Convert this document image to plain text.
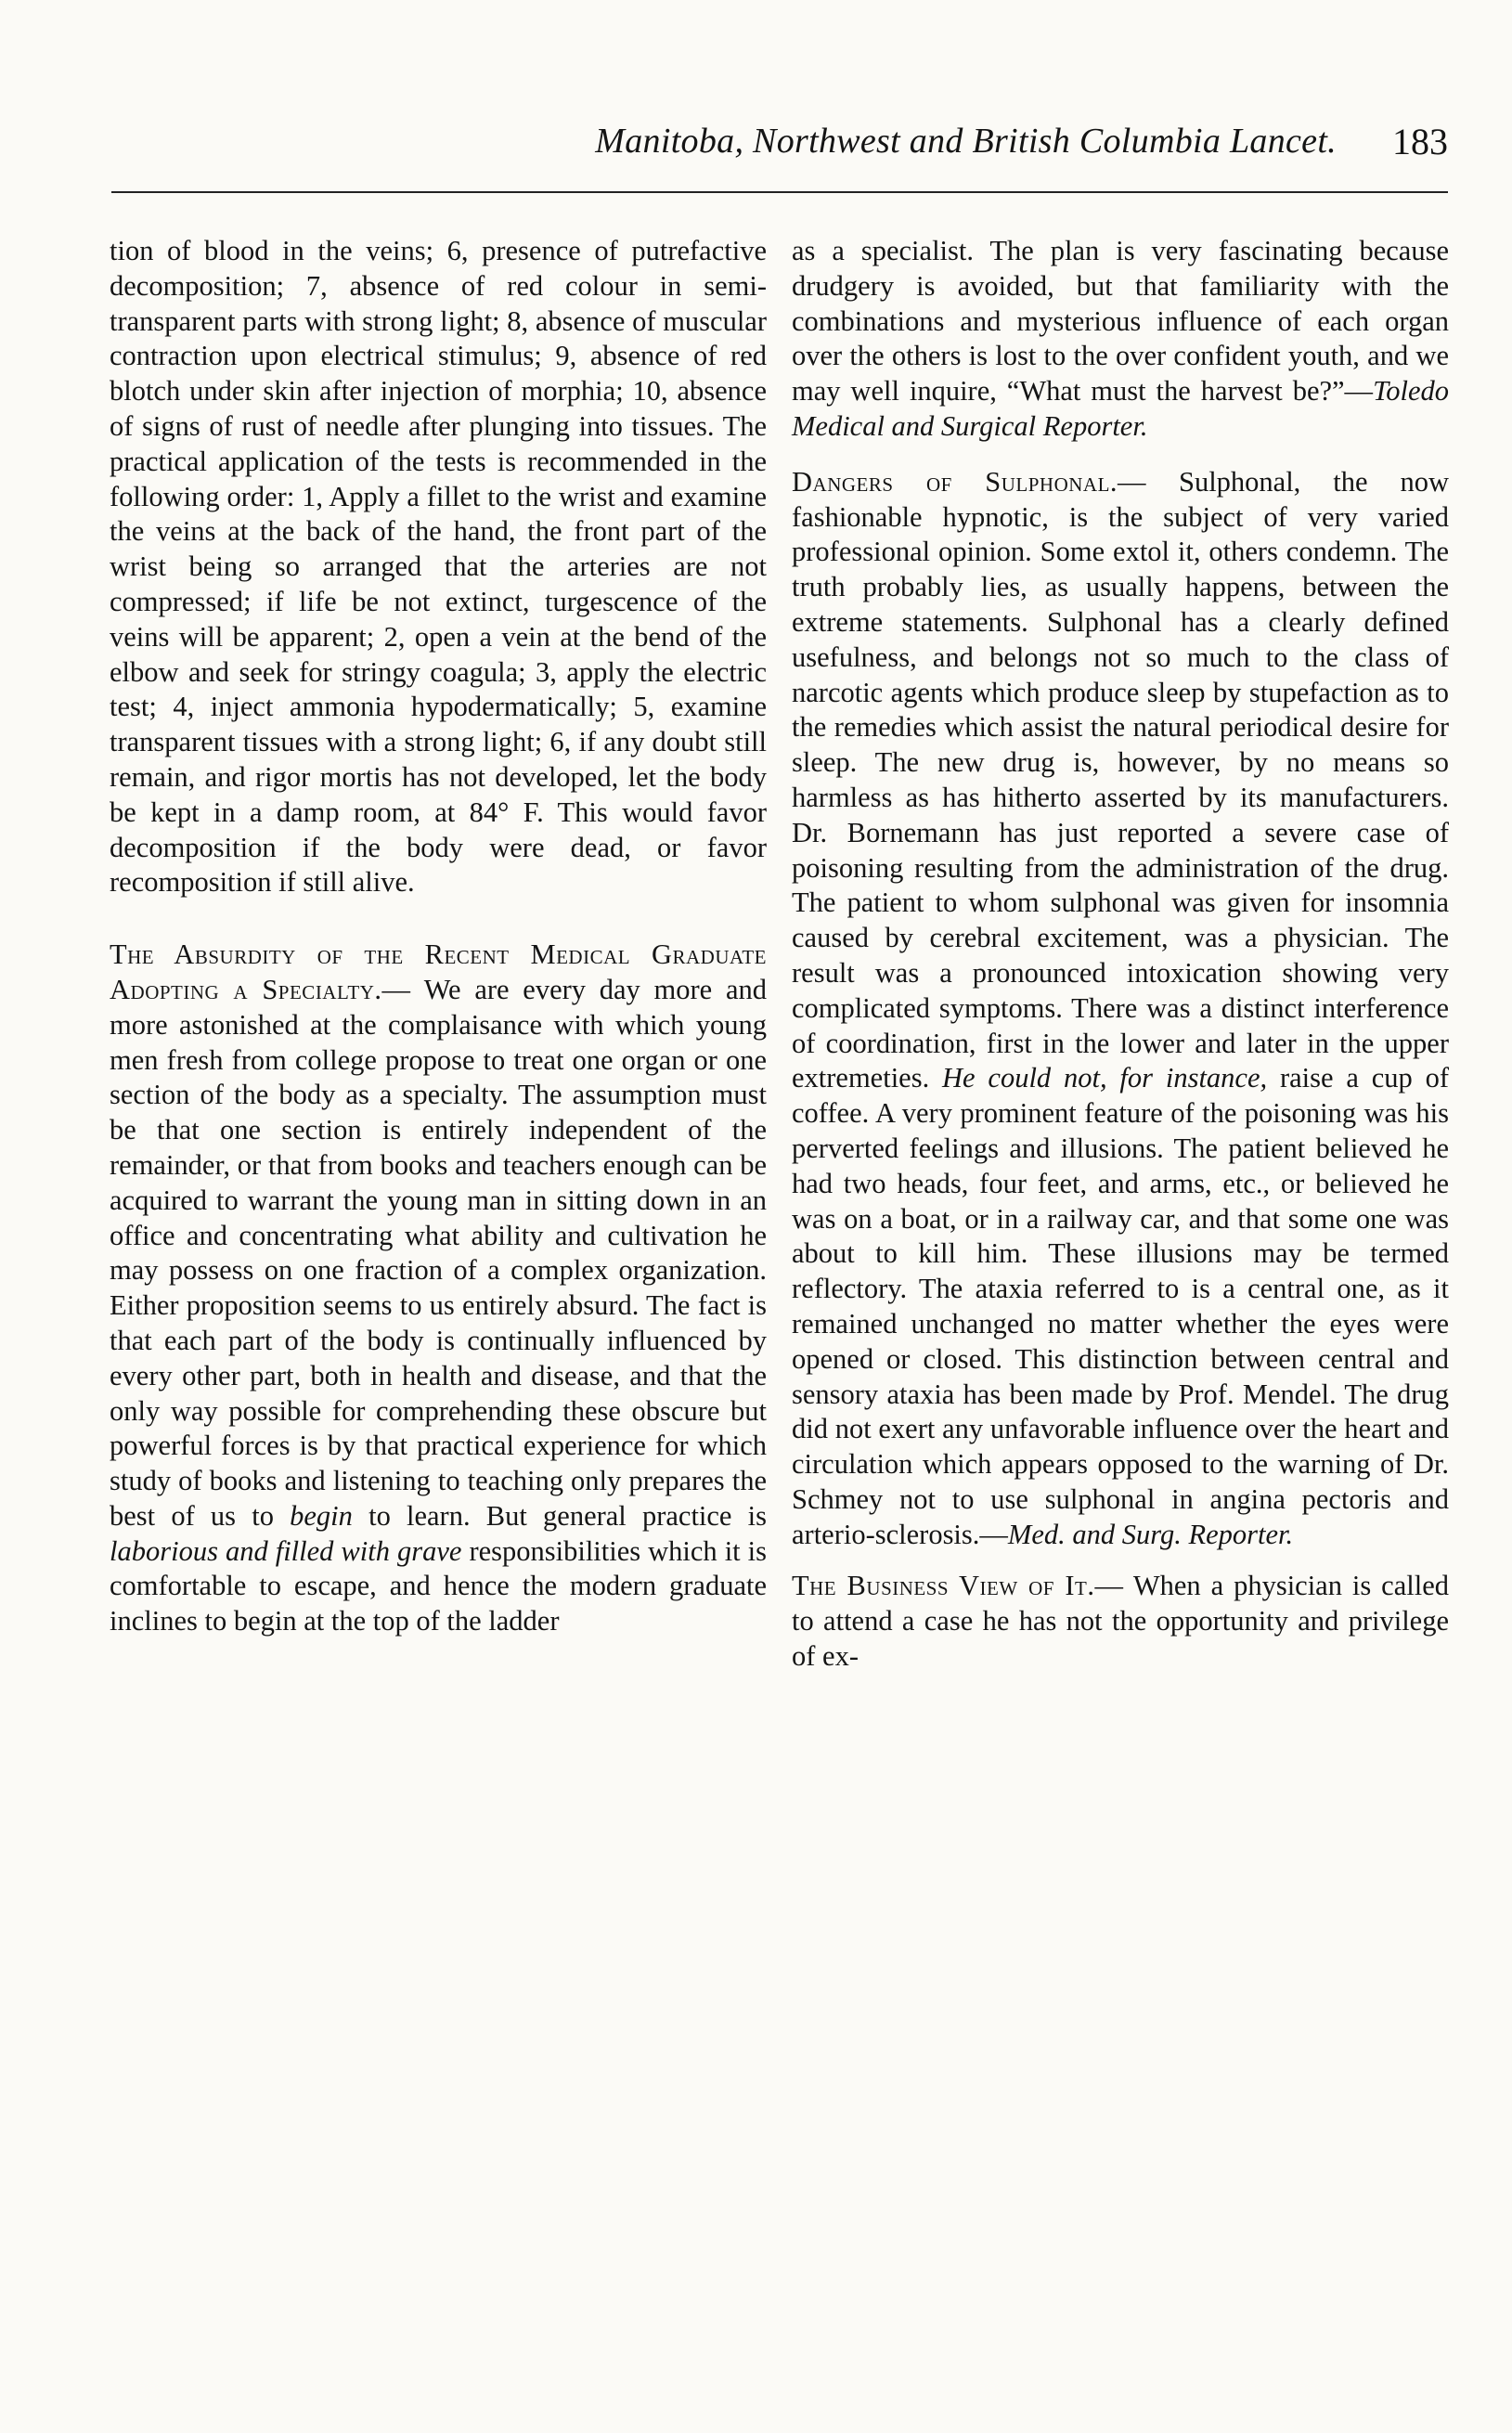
Manitoba, Northwest and British Columbia Lancet. 183

tion of blood in the veins; 6, presence of putrefactive decomposition; 7, absence of red colour in semi-transparent parts with strong light; 8, absence of muscular contraction upon electrical stimulus; 9, absence of red blotch under skin after injection of morphia; 10, absence of signs of rust of needle after plunging into tissues. The practical application of the tests is recommended in the following order: 1, Apply a fillet to the wrist and examine the veins at the back of the hand, the front part of the wrist being so arranged that the arteries are not compressed; if life be not extinct, turgescence of the veins will be apparent; 2, open a vein at the bend of the elbow and seek for stringy coagula; 3, apply the electric test; 4, inject ammonia hypodermatically; 5, examine transparent tissues with a strong light; 6, if any doubt still remain, and rigor mortis has not developed, let the body be kept in a damp room, at 84° F. This would favor decomposition if the body were dead, or favor recomposition if still alive.

The Absurdity of the Recent Medical Graduate Adopting a Specialty.— We are every day more and more astonished at the complaisance with which young men fresh from college propose to treat one organ or one section of the body as a specialty. The assumption must be that one section is entirely independent of the remainder, or that from books and teachers enough can be acquired to warrant the young man in sitting down in an office and concentrating what ability and cultivation he may possess on one fraction of a complex organization. Either proposition seems to us entirely absurd. The fact is that each part of the body is continually influenced by every other part, both in health and disease, and that the only way possible for comprehending these obscure but powerful forces is by that practical experience for which study of books and listening to teaching only prepares the best of us to begin to learn. But general practice is laborious and filled with grave responsibilities which it is comfortable to escape, and hence the modern graduate inclines to begin at the top of the ladder

as a specialist. The plan is very fascinating because drudgery is avoided, but that familiarity with the combinations and mysterious influence of each organ over the others is lost to the over confident youth, and we may well inquire, “What must the harvest be?”—Toledo Medical and Surgical Reporter.

Dangers of Sulphonal.— Sulphonal, the now fashionable hypnotic, is the subject of very varied professional opinion. Some extol it, others condemn. The truth probably lies, as usually happens, between the extreme statements. Sulphonal has a clearly defined usefulness, and belongs not so much to the class of narcotic agents which produce sleep by stupefaction as to the remedies which assist the natural periodical desire for sleep. The new drug is, however, by no means so harmless as has hitherto asserted by its manufacturers. Dr. Bornemann has just reported a severe case of poisoning resulting from the administration of the drug. The patient to whom sulphonal was given for insomnia caused by cerebral excitement, was a physician. The result was a pronounced intoxication showing very complicated symptoms. There was a distinct interference of coordination, first in the lower and later in the upper extremeties. He could not, for instance, raise a cup of coffee. A very prominent feature of the poisoning was his perverted feelings and illusions. The patient believed he had two heads, four feet, and arms, etc., or believed he was on a boat, or in a railway car, and that some one was about to kill him. These illusions may be termed reflectory. The ataxia referred to is a central one, as it remained unchanged no matter whether the eyes were opened or closed. This distinction between central and sensory ataxia has been made by Prof. Mendel. The drug did not exert any unfavorable influence over the heart and circulation which appears opposed to the warning of Dr. Schmey not to use sulphonal in angina pectoris and arterio-sclerosis.—Med. and Surg. Reporter.

The Business View of It.— When a physician is called to attend a case he has not the opportunity and privilege of ex-
